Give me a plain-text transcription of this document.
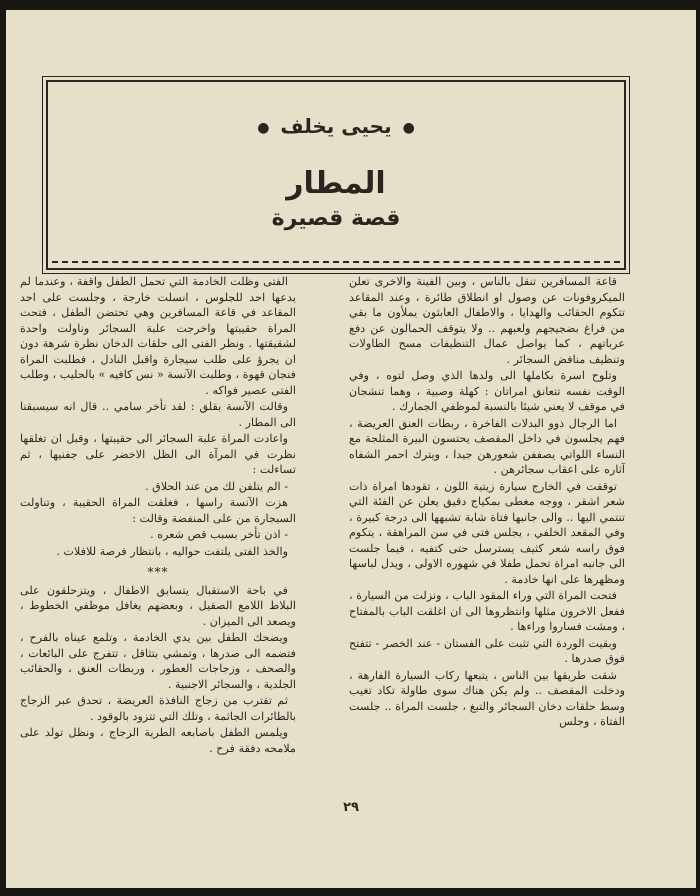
● يحيى يخلف ●
المطار
قصة قصيرة

قاعة المسافرين تنقل بالناس ، وبين الفينة والاخرى تعلن الميكروفونات عن وصول او انطلاق طائرة ، وعند المقاعد تتكوم الحقائب والهدايا ، والاطفال العابثون يملأون ما بقي من فراغ بضجيجهم ولعبهم .. ولا يتوقف الحمالون عن دفع عرباتهم ، كما يواصل عمال التنظيفات مسح الطاولات وتنظيف منافض السجائر .

وتلوح اسرة بكاملها الى ولدها الذي وصل لتوه ، وفي الوقت نفسه تتعانق امراتان : كهلة وصبية ، وهما تنشجان في موقف لا يعني شيئا بالنسبة لموظفي الجمارك .

اما الرجال ذوو البدلات الفاخرة ، ربطات العنق العريضة ، فهم يجلسون في داخل المقصف يحتسون البيرة المثلجة مع النساء اللواتي يصففن شعورهن جيدا ، ويترك احمر الشفاه آثاره على اعقاب سجائرهن .

توقفت في الخارج سيارة زيتية اللون ، تقودها امراة ذات شعر اشقر ، ووجه مغطى بمكياج دقيق يعلن عن الفئة التي تنتمي اليها .. والى جانبها فتاة شابة تشبهها الى درجة كبيرة ، وفي المقعد الخلفي ، يجلس فتى في سن المراهقة ، يتكوم فوق راسه شعر كثيف يسترسل حتى كتفيه ، فيما جلست الى جانبه امراة تحمل طفلا في شهوره الاولى ، ويدل لباسها ومظهرها على انها خادمة .

فتحت المراة التي وراء المقود الباب ، ونزلت من السيارة ، ففعل الاخرون مثلها وانتظروها الى ان اغلقت الباب بالمفتاح ، ومشت فساروا وراءها .

وبقيت الوردة التي تثبت على الفستان - عند الخصر - تتفتح فوق صدرها .

شقت طريقها بين الناس ، يتبعها ركاب السيارة الفارهة ، ودخلت المقصف .. ولم يكن هناك سوى طاولة تكاد تغيب وسط حلقات دخان السجائر والتبغ ، جلست المراة .. جلست الفتاة ، وجلس

الفتى وظلت الخادمة التي تحمل الطفل واقفة ، وعندما لم يدعها احد للجلوس ، انسلت خارجة ، وجلست على احد المقاعد في قاعة المسافرين وهي تحتضن الطفل ، فتحت المراة حقيبتها واخرجت علبة السجائر وناولت واحدة لشقيقتها . ونظر الفتى الى حلقات الدخان نظرة شرهة دون ان يجرؤ على طلب سيجارة واقبل النادل ، فطلبت المراة فنجان قهوة ، وطلبت الآنسة « نس كافيه » بالحليب ، وطلب الفتى عصير فواكه .

وقالت الآنسة بقلق : لقد تأخر سامي .. قال انه سيسبقنا الى المطار .

واعادت المراة علبة السجائر الى حقيبتها ، وقبل ان تغلقها نظرت في المرآة الى الظل الاخضر على جفنيها ، ثم تساءلت :

- الم يتلفن لك من عند الحلاق .

هزت الآنسة راسها ، فغلقت المراة الحقيبة ، وتناولت السيجارة من على المنفضة وقالت :

- اذن تأخر بسبب قص شعره .

والخذ الفتى يلتفت حواليه ، بانتظار فرصة للافلات .

***

في باحة الاستقبال يتسابق الاطفال ، ويتزحلقون على البلاط اللامع الصقيل ، وبعضهم يغافل موظفي الخطوط ، ويصعد الى الميزان .

ويضحك الطفل بين يدي الخادمة ، وتلمع عيناه بالفرح ، فتضمه الى صدرها ، وتمشي بتثاقل ، تتفرج على البائعات ، والصحف ، وزجاجات العطور ، وربطات العنق ، والحقائب الجلدية ، والسجائر الاجنبية .

ثم تقترب من زجاج النافذة العريضة ، تحدق عبر الزجاج بالطائرات الجاثمة ، وتلك التي تتزود بالوقود .

ويلمس الطفل باصابعه الطرية الزجاج ، ونظل تولد على ملامحه دفقة فرح .

٢٩
